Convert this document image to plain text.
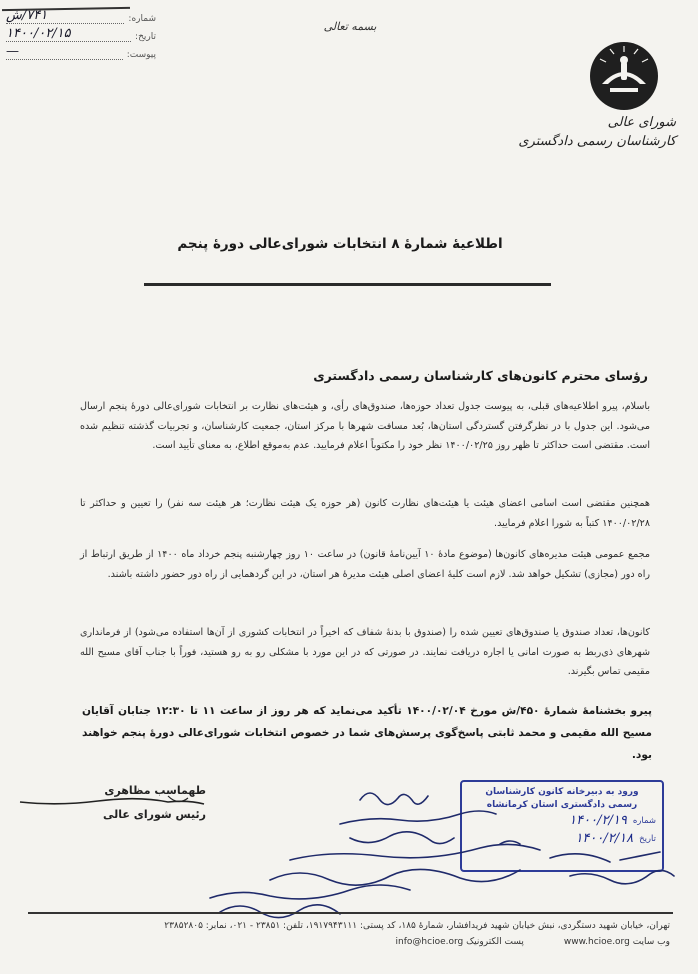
شماره:
۷۴۱/ش
تاریخ:
۱۴۰۰/۰۲/۱۵
پیوست:
—
بسمه تعالی
شورای عالی
کارشناسان رسمی دادگستری
اطلاعیهٔ شمارهٔ ۸ انتخابات شورای‌عالی دورهٔ پنجم
رؤسای محترم کانون‌های کارشناسان رسمی دادگستری
باسلام، پیرو اطلاعیه‌های قبلی، به پیوست جدول تعداد حوزه‌ها، صندوق‌های رأی، و هیئت‌های نظارت بر انتخابات شورای‌عالی دورهٔ پنجم ارسال می‌شود. این جدول با در نظرگرفتن گستردگی استان‌ها، بُعد مسافت شهرها با مرکز استان، جمعیت کارشناسان، و تجربیات گذشته تنظیم شده است. مقتضی است حداکثر تا ظهر روز ۱۴۰۰/۰۲/۲۵ نظر خود را مکتوباً اعلام فرمایید. عدم به‌موقع اطلاع، به معنای تأیید است.
همچنین مقتضی است اسامی اعضای هیئت یا هیئت‌های نظارت کانون (هر حوزه یک هیئت نظارت؛ هر هیئت سه نفر) را تعیین و حداکثر تا ۱۴۰۰/۰۲/۲۸ کتباً به شورا اعلام فرمایید.
مجمع عمومی هیئت مدیره‌های کانون‌ها (موضوع مادهٔ ۱۰ آیین‌نامهٔ قانون) در ساعت ۱۰ روز چهارشنبه پنجم خرداد ماه ۱۴۰۰ از طریق ارتباط از راه دور (مجازی) تشکیل خواهد شد. لازم است کلیهٔ اعضای اصلی هیئت مدیرهٔ هر استان، در این گردهمایی از راه دور حضور داشته باشند.
کانون‌ها، تعداد صندوق یا صندوق‌های تعیین شده را (صندوق با بدنهٔ شفاف که اخیراً در انتخابات کشوری از آن‌ها استفاده می‌شود) از فرمانداری شهرهای ذی‌ربط به صورت امانی یا اجاره دریافت نمایند. در صورتی که در این مورد با مشکلی رو به رو هستید، فوراً با جناب آقای مسیح الله مقیمی تماس بگیرند.
پیرو بخشنامهٔ شمارهٔ ۴۵۰/ش مورخ ۱۴۰۰/۰۲/۰۴ تأکید می‌نماید که هر روز از ساعت ۱۱ تا ۱۲:۳۰ جنابان آقایان مسیح الله مقیمی و محمد ثابتی پاسخ‌گوی پرسش‌های شما در خصوص انتخابات شورای‌عالی دورهٔ پنجم خواهند بود.
طهماسب مظاهری
رئیس شورای عالی
ورود به دبیرخانه کانون کارشناسان
رسمی دادگستری استان کرمانشاه
شماره
۱۴۰۰/۲/۱۹
تاریخ
۱۴۰۰/۲/۱۸
تهران، خیابان شهید دستگردی، نبش خیابان شهید فریدافشار، شمارهٔ ۱۸۵، کد پستی: ۱۹۱۷۹۴۳۱۱۱، تلفن: ۲۳۸۵۱ - ۰۲۱، نمابر: ۲۳۸۵۲۸۰۵
وب سایت www.hcioe.org
پست الکترونیک info@hcioe.org
